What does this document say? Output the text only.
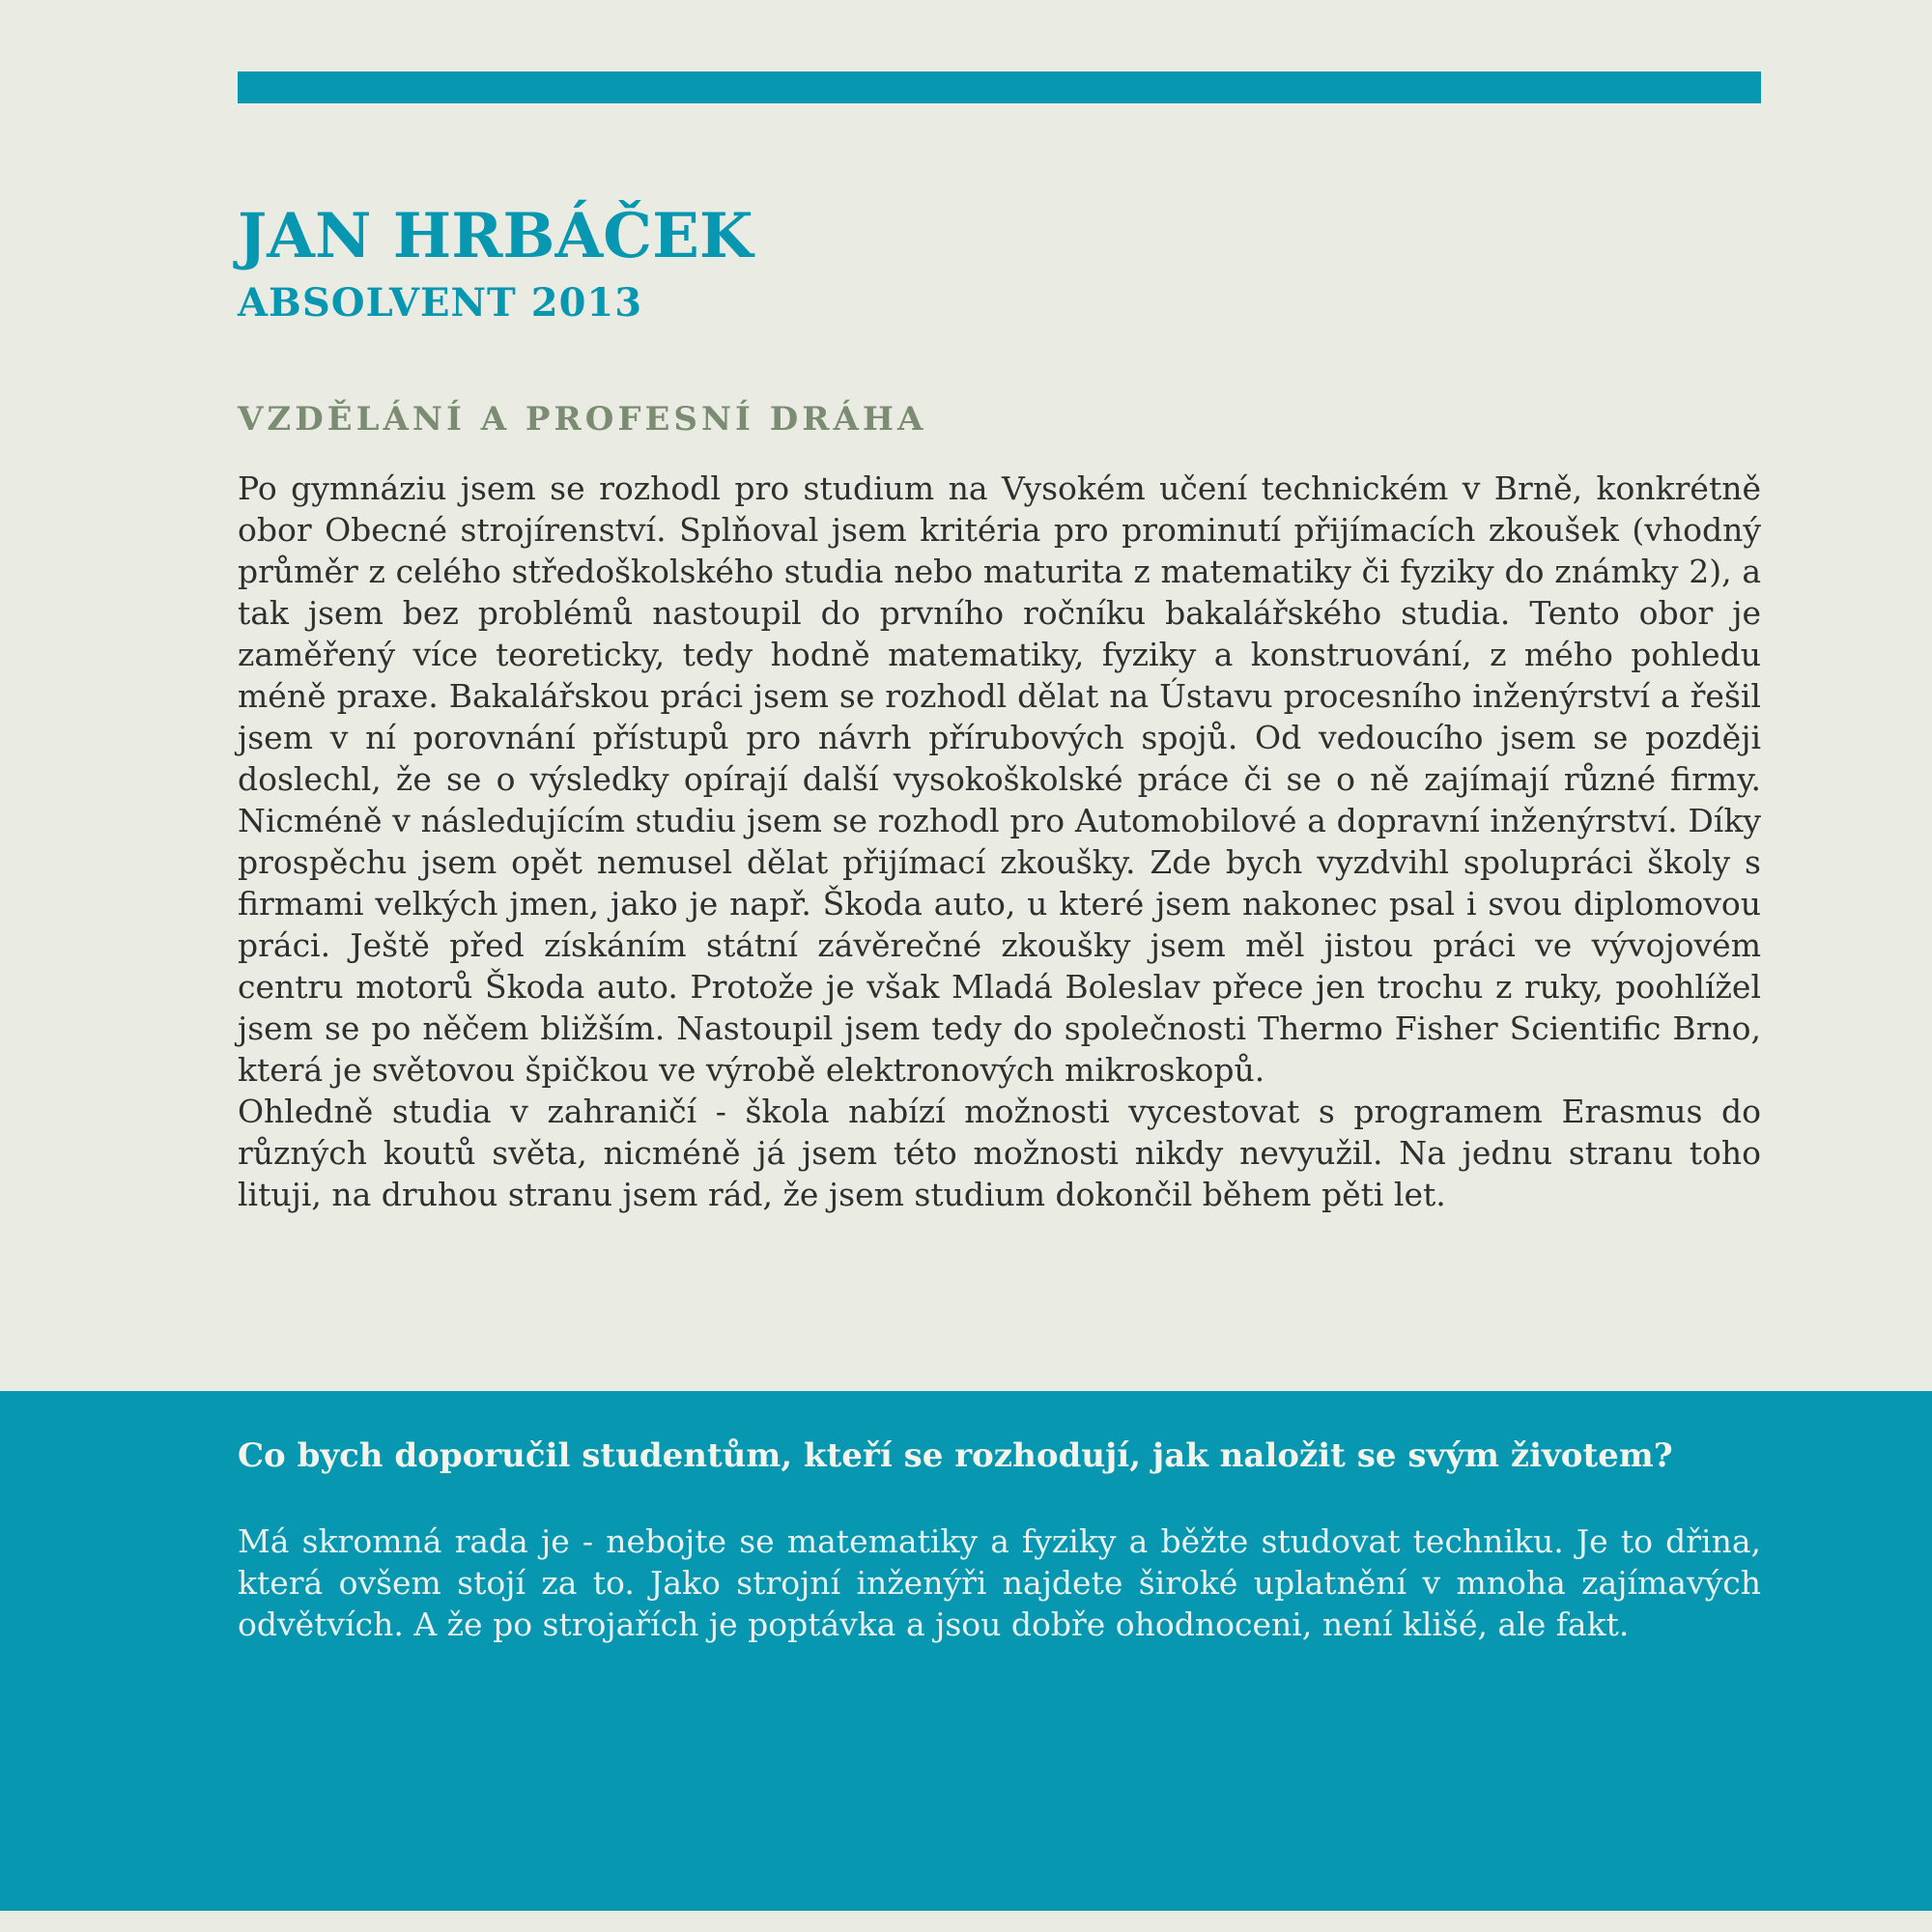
JAN HRBÁČEK
ABSOLVENT 2013
VZDĚLÁNÍ A PROFESNÍ DRÁHA

Po gymnáziu jsem se rozhodl pro studium na Vysokém učení technickém v Brně, konkrétně obor Obecné strojírenství. Splňoval jsem kritéria pro prominutí přijímacích zkoušek (vhodný průměr z celého středoškolského studia nebo maturita z matematiky či fyziky do známky 2), a tak jsem bez problémů nastoupil do prvního ročníku bakalářského studia. Tento obor je zaměřený více teoreticky, tedy hodně matematiky, fyziky a konstruování, z mého pohledu méně praxe. Bakalářskou práci jsem se rozhodl dělat na Ústavu procesního inženýrství a řešil jsem v ní porovnání přístupů pro návrh přírubových spojů. Od vedoucího jsem se později doslechl, že se o výsledky opírají další vysokoškolské práce či se o ně zajímají různé firmy. Nicméně v následujícím studiu jsem se rozhodl pro Automobilové a dopravní inženýrství. Díky prospěchu jsem opět nemusel dělat přijímací zkoušky. Zde bych vyzdvihl spolupráci školy s firmami velkých jmen, jako je např. Škoda auto, u které jsem nakonec psal i svou diplomovou práci. Ještě před získáním státní závěrečné zkoušky jsem měl jistou práci ve vývojovém centru motorů Škoda auto. Protože je však Mladá Boleslav přece jen trochu z ruky, poohlížel jsem se po něčem bližším. Nastoupil jsem tedy do společnosti Thermo Fisher Scientific Brno, která je světovou špičkou ve výrobě elektronových mikroskopů.

Ohledně studia v zahraničí - škola nabízí možnosti vycestovat s programem Erasmus do různých koutů světa, nicméně já jsem této možnosti nikdy nevyužil. Na jednu stranu toho lituji, na druhou stranu jsem rád, že jsem studium dokončil během pěti let.

Co bych doporučil studentům, kteří se rozhodují, jak naložit se svým životem?

Má skromná rada je - nebojte se matematiky a fyziky a běžte studovat techniku. Je to dřina, která ovšem stojí za to. Jako strojní inženýři najdete široké uplatnění v mnoha zajímavých odvětvích. A že po strojařích je poptávka a jsou dobře ohodnoceni, není klišé, ale fakt.
